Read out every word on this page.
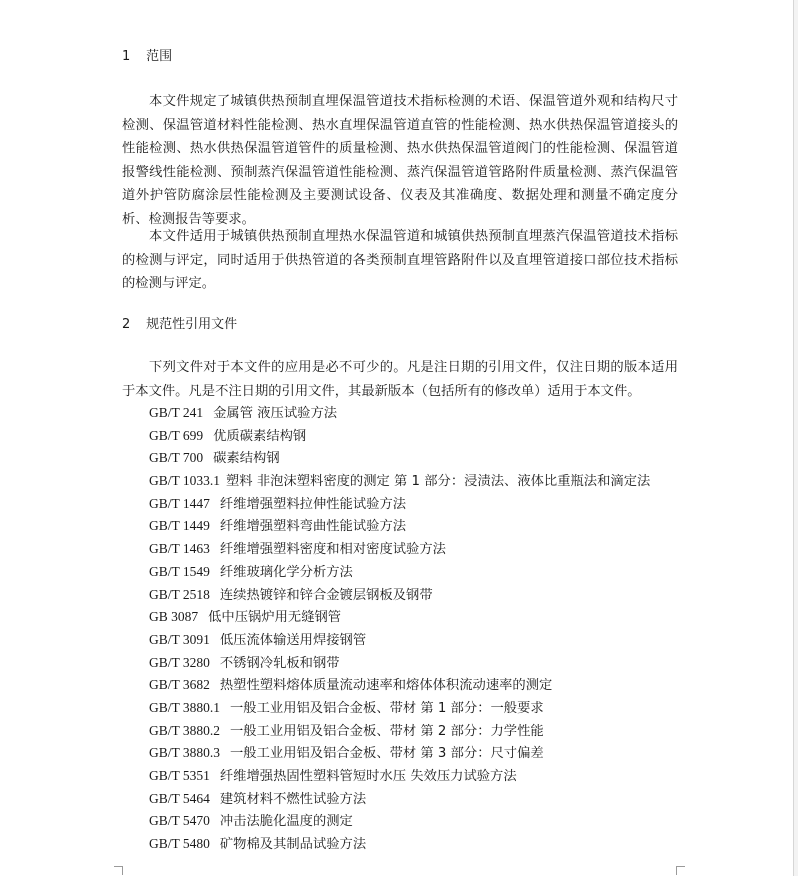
1 范围

本文件规定了城镇供热预制直埋保温管道技术指标检测的术语、保温管道外观和结构尺寸检测、保温管道材料性能检测、热水直埋保温管道直管的性能检测、热水供热保温管道接头的性能检测、热水供热保温管道管件的质量检测、热水供热保温管道阀门的性能检测、保温管道报警线性能检测、预制蒸汽保温管道性能检测、蒸汽保温管道管路附件质量检测、蒸汽保温管道外护管防腐涂层性能检测及主要测试设备、仪表及其准确度、数据处理和测量不确定度分析、检测报告等要求。

本文件适用于城镇供热预制直埋热水保温管道和城镇供热预制直埋蒸汽保温管道技术指标的检测与评定，同时适用于供热管道的各类预制直埋管路附件以及直埋管道接口部位技术指标的检测与评定。

2 规范性引用文件

下列文件对于本文件的应用是必不可少的。凡是注日期的引用文件，仅注日期的版本适用于本文件。凡是不注日期的引用文件，其最新版本（包括所有的修改单）适用于本文件。

GB/T 241 金属管 液压试验方法
GB/T 699 优质碳素结构钢
GB/T 700 碳素结构钢
GB/T 1033.1 塑料 非泡沫塑料密度的测定 第 1 部分：浸渍法、液体比重瓶法和滴定法
GB/T 1447 纤维增强塑料拉伸性能试验方法
GB/T 1449 纤维增强塑料弯曲性能试验方法
GB/T 1463 纤维增强塑料密度和相对密度试验方法
GB/T 1549 纤维玻璃化学分析方法
GB/T 2518 连续热镀锌和锌合金镀层钢板及钢带
GB 3087 低中压锅炉用无缝钢管
GB/T 3091 低压流体输送用焊接钢管
GB/T 3280 不锈钢冷轧板和钢带
GB/T 3682 热塑性塑料熔体质量流动速率和熔体体积流动速率的测定
GB/T 3880.1 一般工业用铝及铝合金板、带材 第 1 部分：一般要求
GB/T 3880.2 一般工业用铝及铝合金板、带材 第 2 部分：力学性能
GB/T 3880.3 一般工业用铝及铝合金板、带材 第 3 部分：尺寸偏差
GB/T 5351 纤维增强热固性塑料管短时水压 失效压力试验方法
GB/T 5464 建筑材料不燃性试验方法
GB/T 5470 冲击法脆化温度的测定
GB/T 5480 矿物棉及其制品试验方法
